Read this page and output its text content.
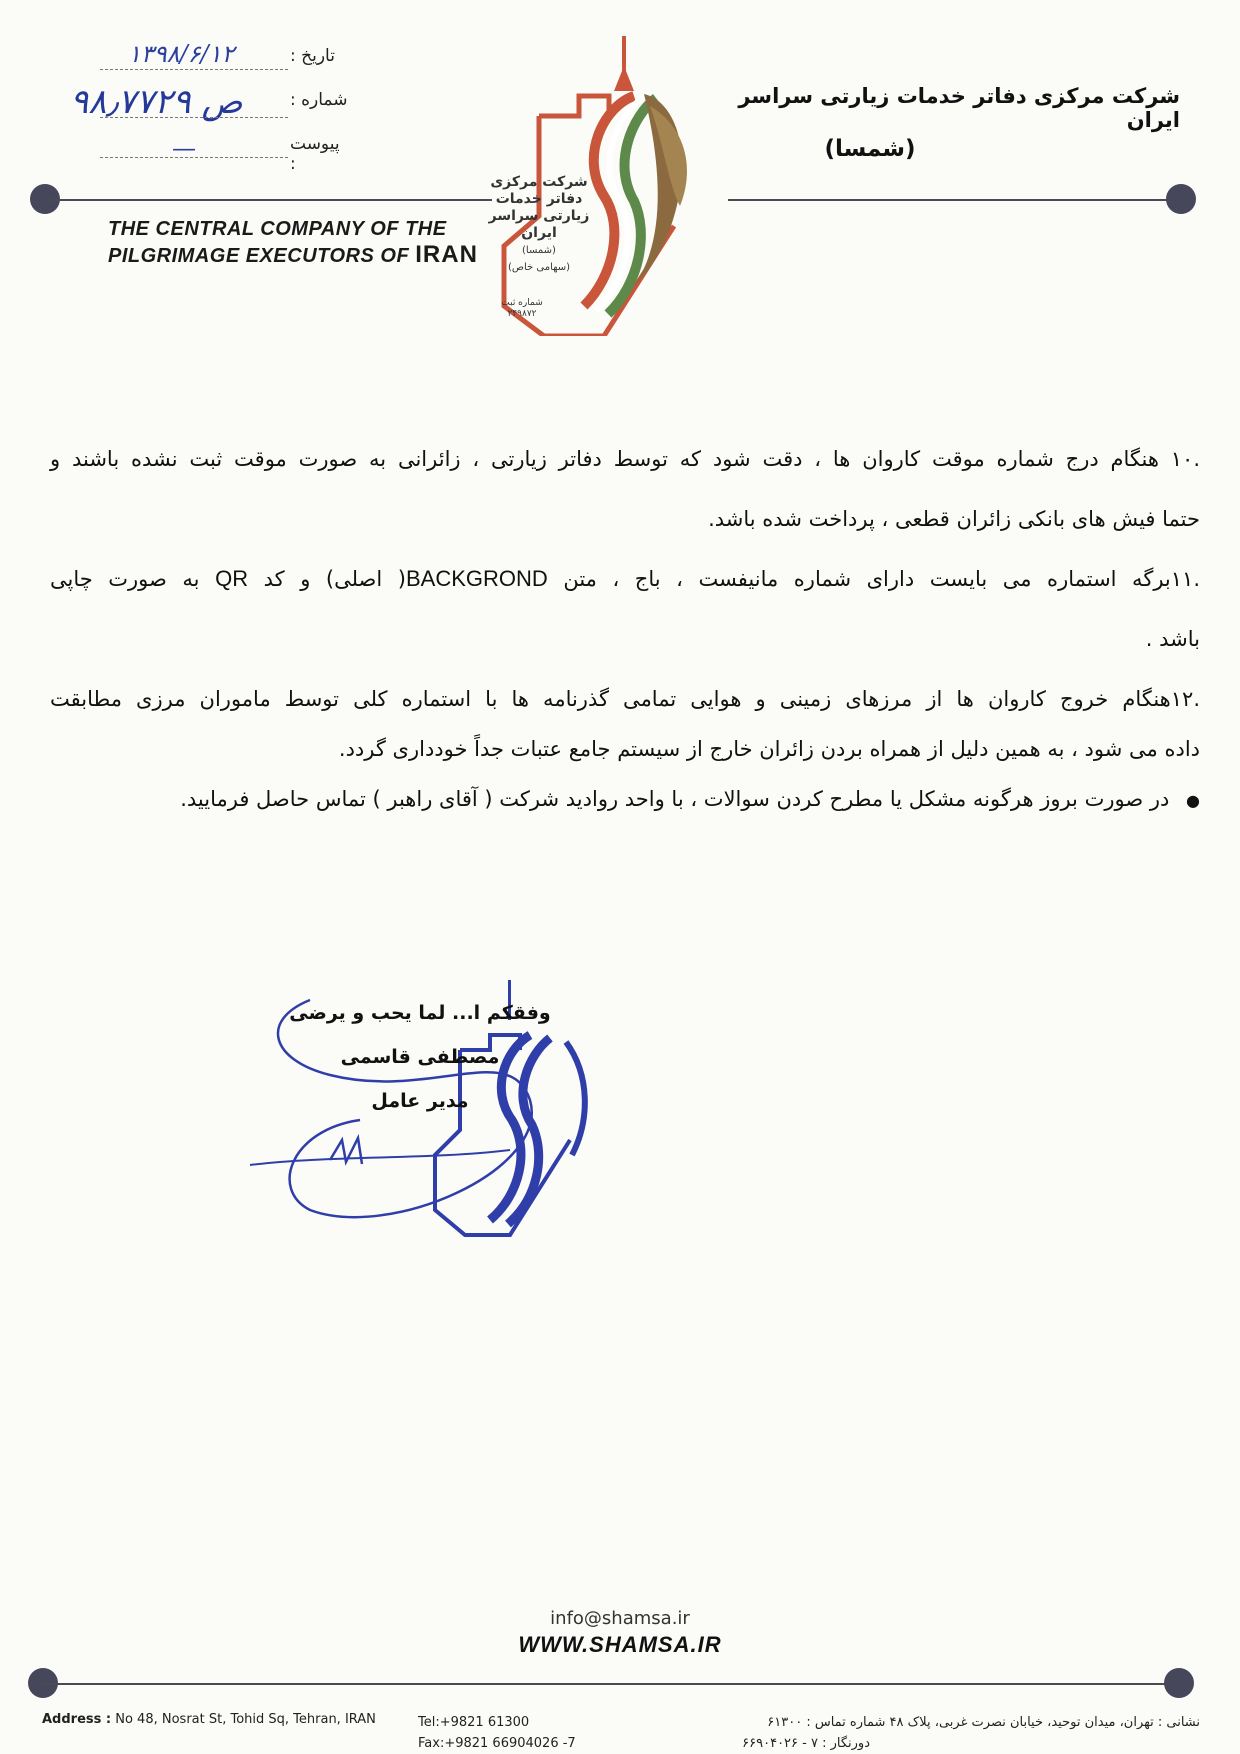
۱۳۹۸/۶/۱۲	تاریخ :
۹۸٫۷۷۲۹ ص	شماره :
—	پیوست :
شرکت مرکزی دفاتر خدمات زیارتی سراسر ایران
(شمسا)
شرکت مرکزی
دفاتر خدمات
زیارتی سراسر
ایران
(شمسا)
(سهامی خاص)
شماره ثبت
۲۴۹۸۷۲
THE CENTRAL COMPANY OF THE
PILGRIMAGE EXECUTORS OF IRAN
.۱۰ هنگام درج شماره موقت کاروان ها ، دقت شود که توسط دفاتر زیارتی ، زائرانی به صورت موقت ثبت نشده باشند و
حتما فیش های بانکی زائران قطعی ، پرداخت شده باشد.
.۱۱برگه استماره می بایست دارای شماره مانیفست ، باج ، متن BACKGROND( اصلی) و کد QR به صورت چاپی
باشد .
.۱۲هنگام خروج کاروان ها از مرزهای زمینی و هوایی تمامی گذرنامه ها با استماره کلی توسط ماموران مرزی مطابقت
داده می شود ، به همین دلیل از همراه بردن زائران خارج از سیستم جامع عتبات جداً خودداری گردد.
● در صورت بروز هرگونه مشکل یا مطرح کردن سوالات ، با واحد روادید شرکت ( آقای راهبر ) تماس حاصل فرمایید.
وفقکم ا... لما یحب و یرضی
مصطفی قاسمی
مدیر عامل
info@shamsa.ir
WWW.SHAMSA.IR
Address : No 48, Nosrat St, Tohid Sq, Tehran, IRAN	Tel:+9821 61300
Fax:+9821 66904026 -7
نشانی : تهران، میدان توحید، خیابان نصرت غربی، پلاک ۴۸ شماره تماس : ۶۱۳۰۰
دورنگار : ۷ - ۶۶۹۰۴۰۲۶
